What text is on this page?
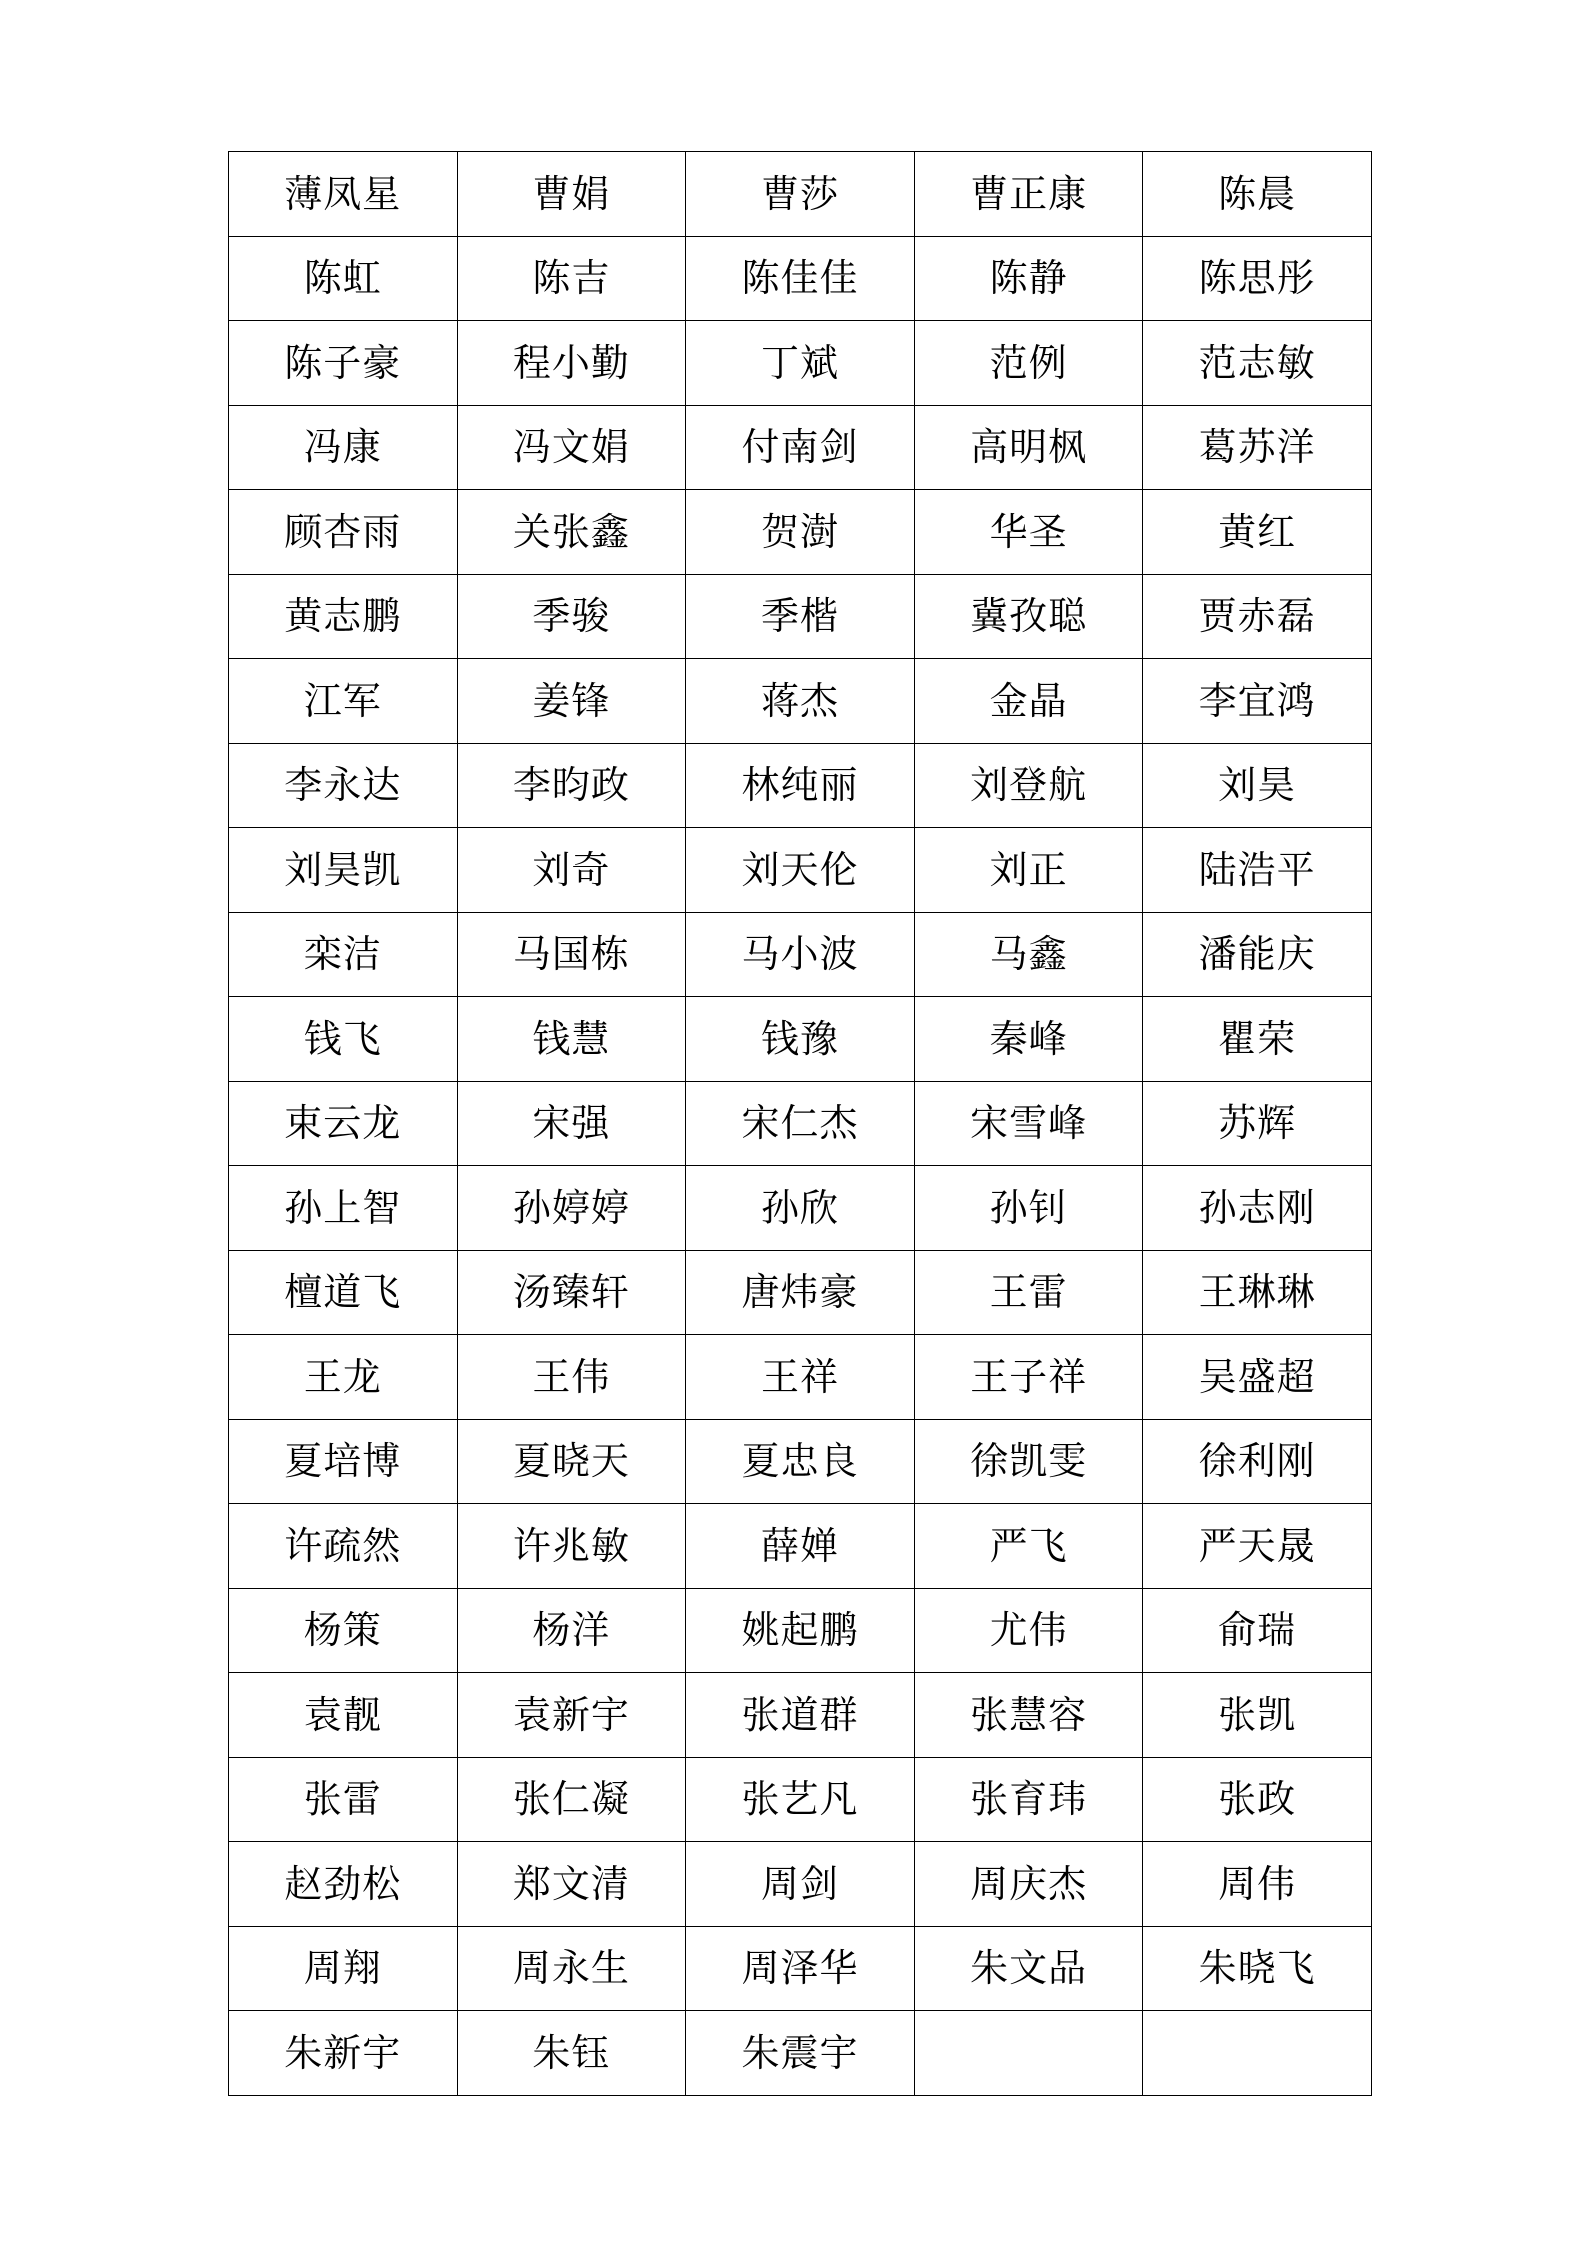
薄凤星	曹娟	曹莎	曹正康	陈晨
陈虹	陈吉	陈佳佳	陈静	陈思彤
陈子豪	程小勤	丁斌	范例	范志敏
冯康	冯文娟	付南剑	高明枫	葛苏洋
顾杏雨	关张鑫	贺澍	华圣	黄红
黄志鹏	季骏	季楷	冀孜聪	贾赤磊
江军	姜锋	蒋杰	金晶	李宜鸿
李永达	李昀政	林纯丽	刘登航	刘昊
刘昊凯	刘奇	刘天伦	刘正	陆浩平
栾洁	马国栋	马小波	马鑫	潘能庆
钱飞	钱慧	钱豫	秦峰	瞿荣
束云龙	宋强	宋仁杰	宋雪峰	苏辉
孙上智	孙婷婷	孙欣	孙钊	孙志刚
檀道飞	汤臻轩	唐炜豪	王雷	王琳琳
王龙	王伟	王祥	王子祥	吴盛超
夏培博	夏晓天	夏忠良	徐凯雯	徐利刚
许疏然	许兆敏	薛婵	严飞	严天晟
杨策	杨洋	姚起鹏	尤伟	俞瑞
袁靓	袁新宇	张道群	张慧容	张凯
张雷	张仁凝	张艺凡	张育玮	张政
赵劲松	郑文清	周剑	周庆杰	周伟
周翔	周永生	周泽华	朱文品	朱晓飞
朱新宇	朱钰	朱震宇		
